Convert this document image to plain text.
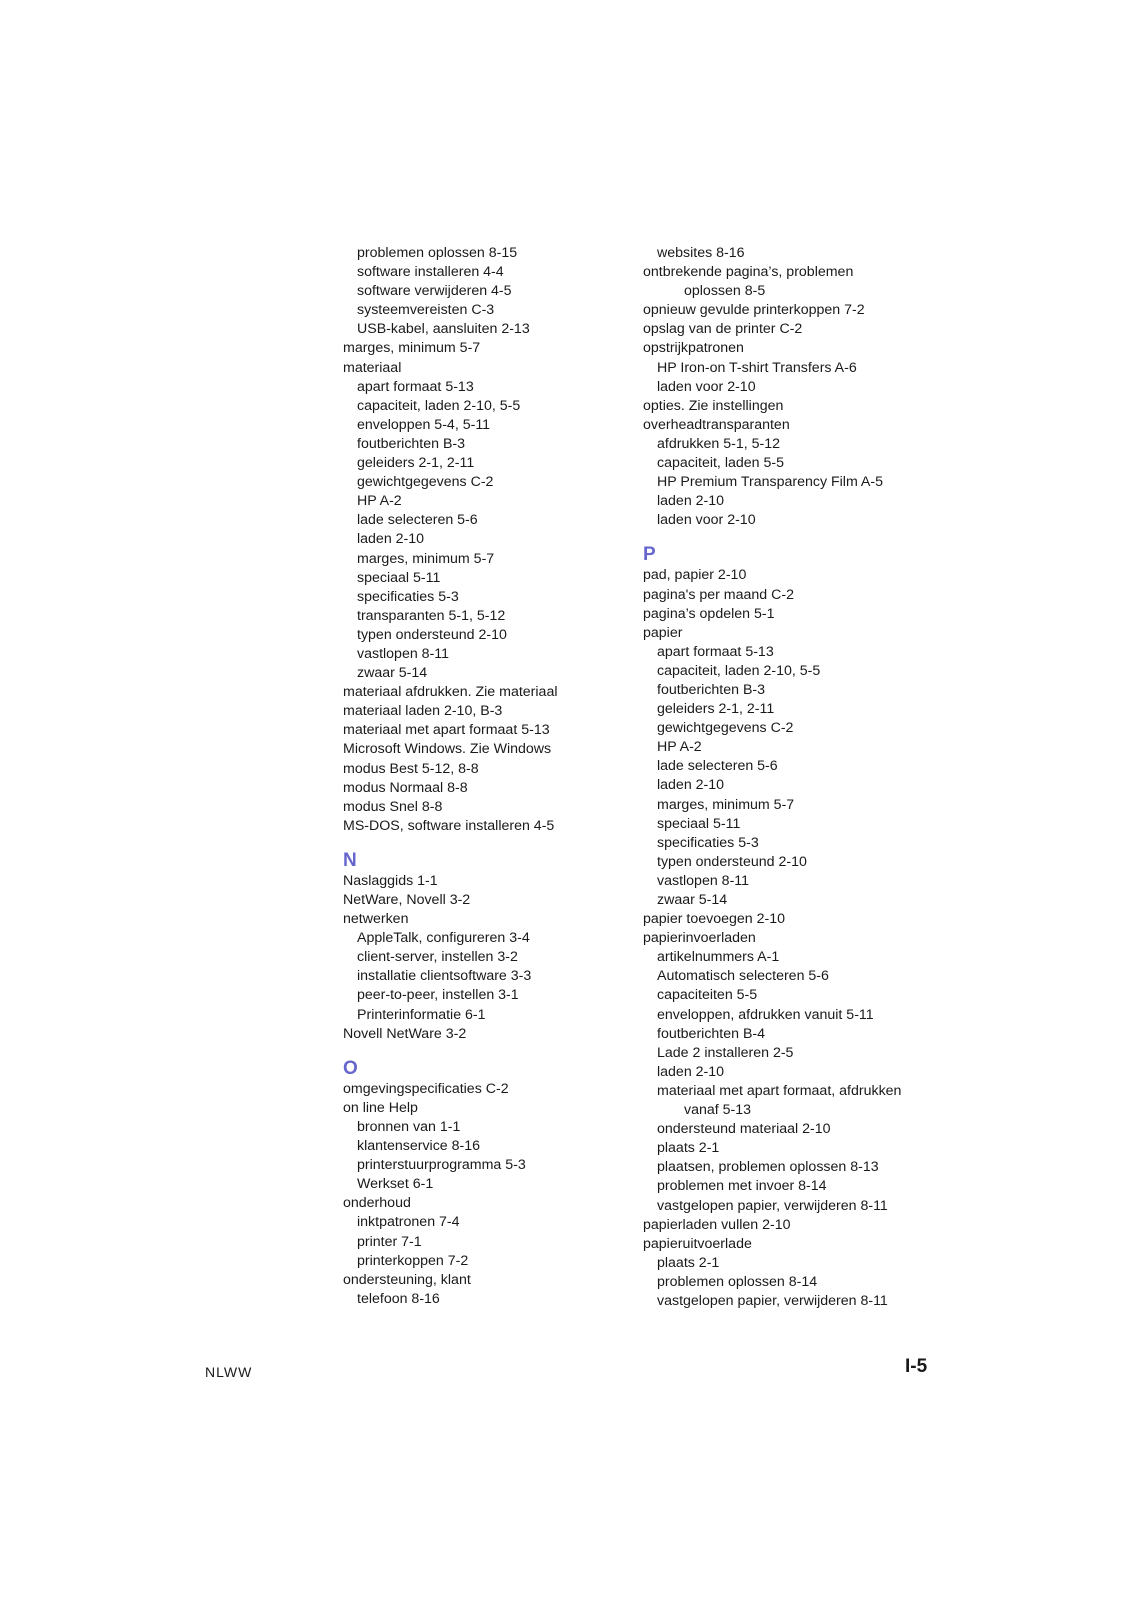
problemen oplossen 8-15
software installeren 4-4
software verwijderen 4-5
systeemvereisten C-3
USB-kabel, aansluiten 2-13
marges, minimum 5-7
materiaal
apart formaat 5-13
capaciteit, laden 2-10, 5-5
enveloppen 5-4, 5-11
foutberichten B-3
geleiders 2-1, 2-11
gewichtgegevens C-2
HP A-2
lade selecteren 5-6
laden 2-10
marges, minimum 5-7
speciaal 5-11
specificaties 5-3
transparanten 5-1, 5-12
typen ondersteund 2-10
vastlopen 8-11
zwaar 5-14
materiaal afdrukken. Zie materiaal
materiaal laden 2-10, B-3
materiaal met apart formaat 5-13
Microsoft Windows. Zie Windows
modus Best 5-12, 8-8
modus Normaal 8-8
modus Snel 8-8
MS-DOS, software installeren 4-5
N
Naslaggids 1-1
NetWare, Novell 3-2
netwerken
AppleTalk, configureren 3-4
client-server, instellen 3-2
installatie clientsoftware 3-3
peer-to-peer, instellen 3-1
Printerinformatie 6-1
Novell NetWare 3-2
O
omgevingspecificaties C-2
on line Help
bronnen van 1-1
klantenservice 8-16
printerstuurprogramma 5-3
Werkset 6-1
onderhoud
inktpatronen 7-4
printer 7-1
printerkoppen 7-2
ondersteuning, klant
telefoon 8-16
websites 8-16
ontbrekende pagina’s, problemen
oplossen 8-5
opnieuw gevulde printerkoppen 7-2
opslag van de printer C-2
opstrijkpatronen
HP Iron-on T-shirt Transfers A-6
laden voor 2-10
opties. Zie instellingen
overheadtransparanten
afdrukken 5-1, 5-12
capaciteit, laden 5-5
HP Premium Transparency Film A-5
laden 2-10
laden voor 2-10
P
pad, papier 2-10
pagina's per maand C-2
pagina’s opdelen 5-1
papier
apart formaat 5-13
capaciteit, laden 2-10, 5-5
foutberichten B-3
geleiders 2-1, 2-11
gewichtgegevens C-2
HP A-2
lade selecteren 5-6
laden 2-10
marges, minimum 5-7
speciaal 5-11
specificaties 5-3
typen ondersteund 2-10
vastlopen 8-11
zwaar 5-14
papier toevoegen 2-10
papierinvoerladen
artikelnummers A-1
Automatisch selecteren 5-6
capaciteiten 5-5
enveloppen, afdrukken vanuit 5-11
foutberichten B-4
Lade 2 installeren 2-5
laden 2-10
materiaal met apart formaat, afdrukken
vanaf 5-13
ondersteund materiaal 2-10
plaats 2-1
plaatsen, problemen oplossen 8-13
problemen met invoer 8-14
vastgelopen papier, verwijderen 8-11
papierladen vullen 2-10
papieruitvoerlade
plaats 2-1
problemen oplossen 8-14
vastgelopen papier, verwijderen 8-11
NLWW	I-5
